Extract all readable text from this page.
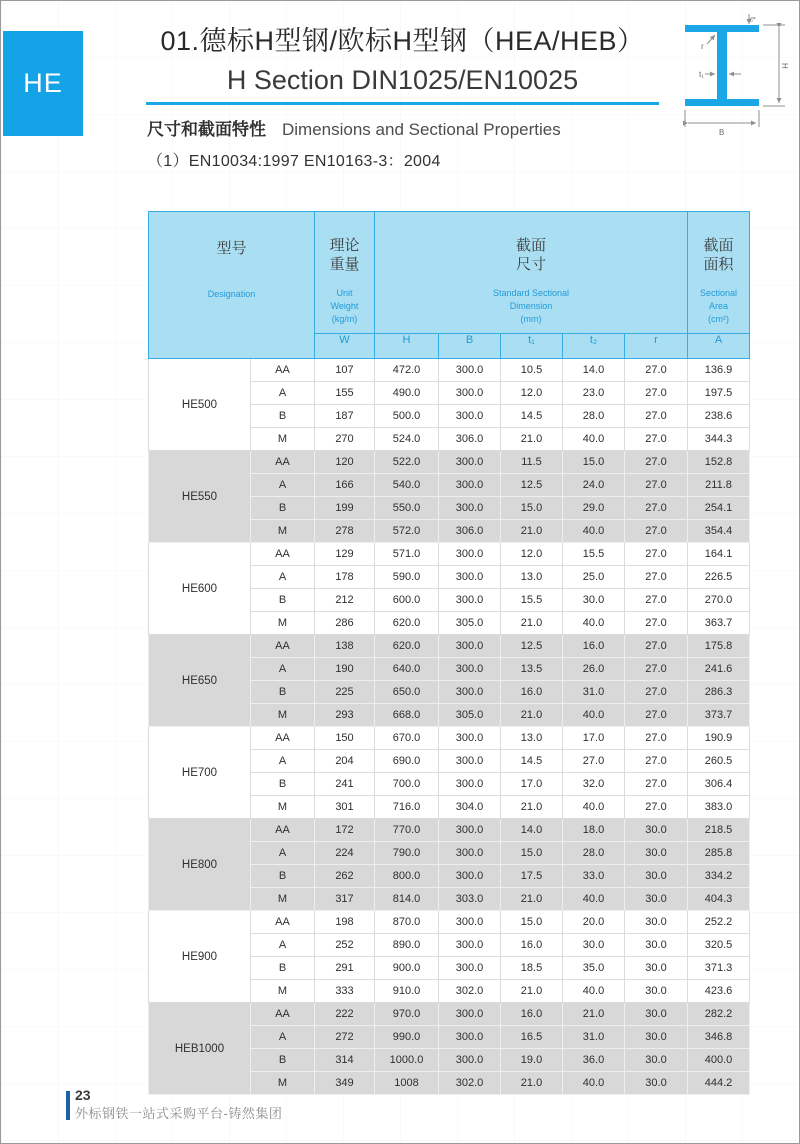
HE
01.德标H型钢/欧标H型钢（HEA/HEB）
H Section DIN1025/EN10025
尺寸和截面特性 Dimensions and Sectional Properties
（1）EN10034:1997 EN10163-3：2004
t₂
r
t₁
H
B
型号
Designation

理论
重量
Unit
Weight
(kg/m)

截面
尺寸
Standard Sectional
Dimension
(mm)

截面
面积
Sectional
Area
(cm²)

		W	H	B	t₁	t₂	r	A
HE500	AA	107	472.0	300.0	10.5	14.0	27.0	136.9
	A	155	490.0	300.0	12.0	23.0	27.0	197.5
	B	187	500.0	300.0	14.5	28.0	27.0	238.6
	M	270	524.0	306.0	21.0	40.0	27.0	344.3
HE550	AA	120	522.0	300.0	11.5	15.0	27.0	152.8
	A	166	540.0	300.0	12.5	24.0	27.0	211.8
	B	199	550.0	300.0	15.0	29.0	27.0	254.1
	M	278	572.0	306.0	21.0	40.0	27.0	354.4
HE600	AA	129	571.0	300.0	12.0	15.5	27.0	164.1
	A	178	590.0	300.0	13.0	25.0	27.0	226.5
	B	212	600.0	300.0	15.5	30.0	27.0	270.0
	M	286	620.0	305.0	21.0	40.0	27.0	363.7
HE650	AA	138	620.0	300.0	12.5	16.0	27.0	175.8
	A	190	640.0	300.0	13.5	26.0	27.0	241.6
	B	225	650.0	300.0	16.0	31.0	27.0	286.3
	M	293	668.0	305.0	21.0	40.0	27.0	373.7
HE700	AA	150	670.0	300.0	13.0	17.0	27.0	190.9
	A	204	690.0	300.0	14.5	27.0	27.0	260.5
	B	241	700.0	300.0	17.0	32.0	27.0	306.4
	M	301	716.0	304.0	21.0	40.0	27.0	383.0
HE800	AA	172	770.0	300.0	14.0	18.0	30.0	218.5
	A	224	790.0	300.0	15.0	28.0	30.0	285.8
	B	262	800.0	300.0	17.5	33.0	30.0	334.2
	M	317	814.0	303.0	21.0	40.0	30.0	404.3
HE900	AA	198	870.0	300.0	15.0	20.0	30.0	252.2
	A	252	890.0	300.0	16.0	30.0	30.0	320.5
	B	291	900.0	300.0	18.5	35.0	30.0	371.3
	M	333	910.0	302.0	21.0	40.0	30.0	423.6
HEB1000	AA	222	970.0	300.0	16.0	21.0	30.0	282.2
	A	272	990.0	300.0	16.5	31.0	30.0	346.8
	B	314	1000.0	300.0	19.0	36.0	30.0	400.0
	M	349	1008	302.0	21.0	40.0	30.0	444.2
23
外标钢铁一站式采购平台-铸然集团
